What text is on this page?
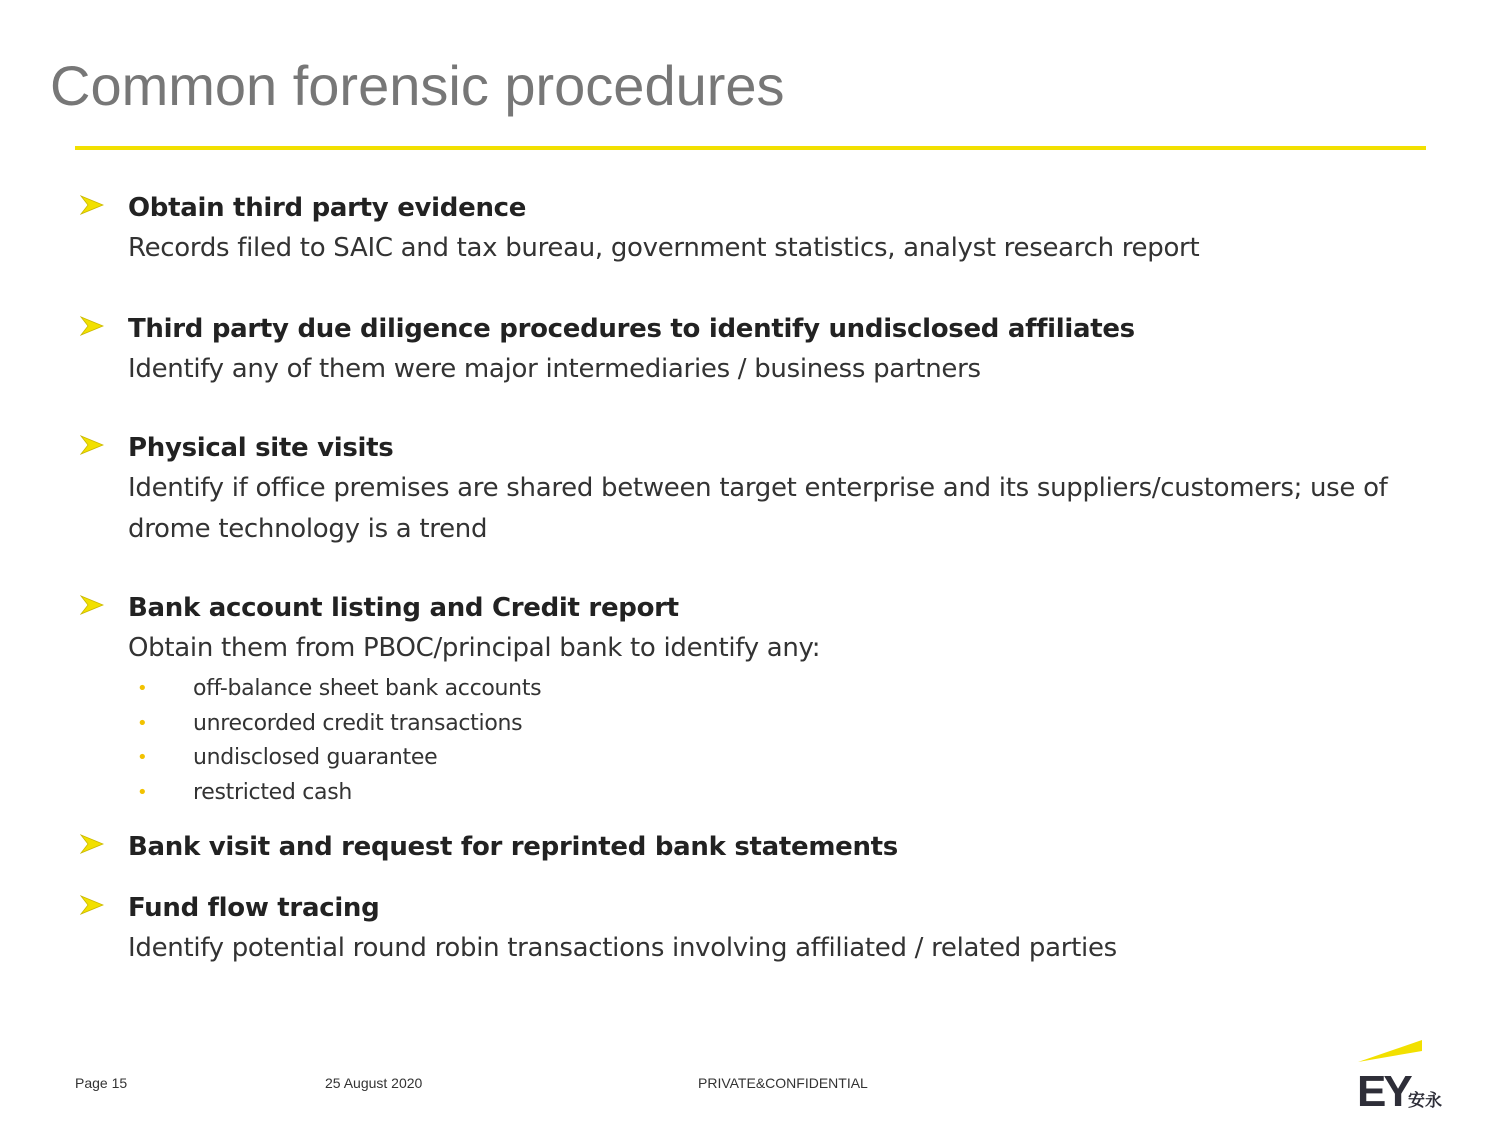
Common forensic procedures
Obtain third party evidence
Records filed to SAIC and tax bureau, government statistics, analyst research report
Third party due diligence procedures to identify undisclosed affiliates
Identify any of them were major intermediaries / business partners
Physical site visits
Identify if office premises are shared between target enterprise and its suppliers/customers; use of drome technology is a trend
Bank account listing and Credit report
Obtain them from PBOC/principal bank to identify any:
• off-balance sheet bank accounts
• unrecorded credit transactions
• undisclosed guarantee
• restricted cash
Bank visit and request for reprinted bank statements
Fund flow tracing
Identify potential round robin transactions involving affiliated / related parties
Page 15	25 August 2020	PRIVATE&CONFIDENTIAL	EY
安永
